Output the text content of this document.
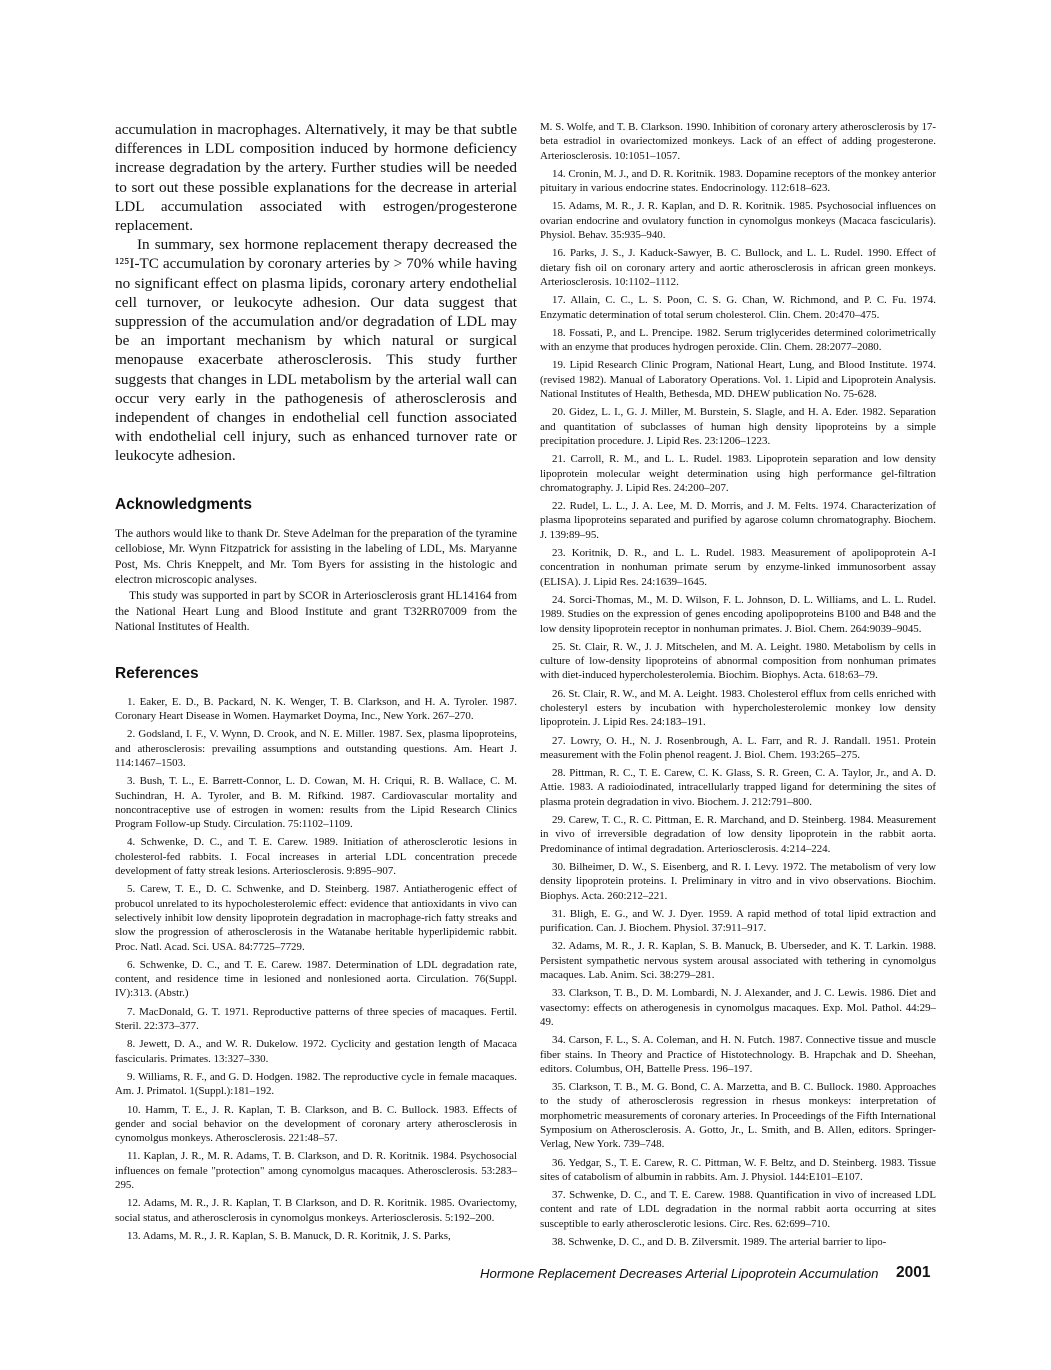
accumulation in macrophages. Alternatively, it may be that subtle differences in LDL composition induced by hormone deficiency increase degradation by the artery. Further studies will be needed to sort out these possible explanations for the decrease in arterial LDL accumulation associated with estrogen/progesterone replacement.

In summary, sex hormone replacement therapy decreased the ¹²⁵I-TC accumulation by coronary arteries by > 70% while having no significant effect on plasma lipids, coronary artery endothelial cell turnover, or leukocyte adhesion. Our data suggest that suppression of the accumulation and/or degradation of LDL may be an important mechanism by which natural or surgical menopause exacerbate atherosclerosis. This study further suggests that changes in LDL metabolism by the arterial wall can occur very early in the pathogenesis of atherosclerosis and independent of changes in endothelial cell function associated with endothelial cell injury, such as enhanced turnover rate or leukocyte adhesion.

Acknowledgments

The authors would like to thank Dr. Steve Adelman for the preparation of the tyramine cellobiose, Mr. Wynn Fitzpatrick for assisting in the labeling of LDL, Ms. Maryanne Post, Ms. Chris Kneppelt, and Mr. Tom Byers for assisting in the histologic and electron microscopic analyses.

This study was supported in part by SCOR in Arteriosclerosis grant HL14164 from the National Heart Lung and Blood Institute and grant T32RR07009 from the National Institutes of Health.

References

1. Eaker, E. D., B. Packard, N. K. Wenger, T. B. Clarkson, and H. A. Tyroler. 1987. Coronary Heart Disease in Women. Haymarket Doyma, Inc., New York. 267–270.

2. Godsland, I. F., V. Wynn, D. Crook, and N. E. Miller. 1987. Sex, plasma lipoproteins, and atherosclerosis: prevailing assumptions and outstanding questions. Am. Heart J. 114:1467–1503.

3. Bush, T. L., E. Barrett-Connor, L. D. Cowan, M. H. Criqui, R. B. Wallace, C. M. Suchindran, H. A. Tyroler, and B. M. Rifkind. 1987. Cardiovascular mortality and noncontraceptive use of estrogen in women: results from the Lipid Research Clinics Program Follow-up Study. Circulation. 75:1102–1109.

4. Schwenke, D. C., and T. E. Carew. 1989. Initiation of atherosclerotic lesions in cholesterol-fed rabbits. I. Focal increases in arterial LDL concentration precede development of fatty streak lesions. Arteriosclerosis. 9:895–907.

5. Carew, T. E., D. C. Schwenke, and D. Steinberg. 1987. Antiatherogenic effect of probucol unrelated to its hypocholesterolemic effect: evidence that antioxidants in vivo can selectively inhibit low density lipoprotein degradation in macrophage-rich fatty streaks and slow the progression of atherosclerosis in the Watanabe heritable hyperlipidemic rabbit. Proc. Natl. Acad. Sci. USA. 84:7725–7729.

6. Schwenke, D. C., and T. E. Carew. 1987. Determination of LDL degradation rate, content, and residence time in lesioned and nonlesioned aorta. Circulation. 76(Suppl. IV):313. (Abstr.)

7. MacDonald, G. T. 1971. Reproductive patterns of three species of macaques. Fertil. Steril. 22:373–377.

8. Jewett, D. A., and W. R. Dukelow. 1972. Cyclicity and gestation length of Macaca fascicularis. Primates. 13:327–330.

9. Williams, R. F., and G. D. Hodgen. 1982. The reproductive cycle in female macaques. Am. J. Primatol. 1(Suppl.):181–192.

10. Hamm, T. E., J. R. Kaplan, T. B. Clarkson, and B. C. Bullock. 1983. Effects of gender and social behavior on the development of coronary artery atherosclerosis in cynomolgus monkeys. Atherosclerosis. 221:48–57.

11. Kaplan, J. R., M. R. Adams, T. B. Clarkson, and D. R. Koritnik. 1984. Psychosocial influences on female "protection" among cynomolgus macaques. Atherosclerosis. 53:283–295.

12. Adams, M. R., J. R. Kaplan, T. B Clarkson, and D. R. Koritnik. 1985. Ovariectomy, social status, and atherosclerosis in cynomolgus monkeys. Arteriosclerosis. 5:192–200.

13. Adams, M. R., J. R. Kaplan, S. B. Manuck, D. R. Koritnik, J. S. Parks,

M. S. Wolfe, and T. B. Clarkson. 1990. Inhibition of coronary artery atherosclerosis by 17-beta estradiol in ovariectomized monkeys. Lack of an effect of adding progesterone. Arteriosclerosis. 10:1051–1057.

14. Cronin, M. J., and D. R. Koritnik. 1983. Dopamine receptors of the monkey anterior pituitary in various endocrine states. Endocrinology. 112:618–623.

15. Adams, M. R., J. R. Kaplan, and D. R. Koritnik. 1985. Psychosocial influences on ovarian endocrine and ovulatory function in cynomolgus monkeys (Macaca fascicularis). Physiol. Behav. 35:935–940.

16. Parks, J. S., J. Kaduck-Sawyer, B. C. Bullock, and L. L. Rudel. 1990. Effect of dietary fish oil on coronary artery and aortic atherosclerosis in african green monkeys. Arteriosclerosis. 10:1102–1112.

17. Allain, C. C., L. S. Poon, C. S. G. Chan, W. Richmond, and P. C. Fu. 1974. Enzymatic determination of total serum cholesterol. Clin. Chem. 20:470–475.

18. Fossati, P., and L. Prencipe. 1982. Serum triglycerides determined colorimetrically with an enzyme that produces hydrogen peroxide. Clin. Chem. 28:2077–2080.

19. Lipid Research Clinic Program, National Heart, Lung, and Blood Institute. 1974. (revised 1982). Manual of Laboratory Operations. Vol. 1. Lipid and Lipoprotein Analysis. National Institutes of Health, Bethesda, MD. DHEW publication No. 75-628.

20. Gidez, L. I., G. J. Miller, M. Burstein, S. Slagle, and H. A. Eder. 1982. Separation and quantitation of subclasses of human high density lipoproteins by a simple precipitation procedure. J. Lipid Res. 23:1206–1223.

21. Carroll, R. M., and L. L. Rudel. 1983. Lipoprotein separation and low density lipoprotein molecular weight determination using high performance gel-filtration chromatography. J. Lipid Res. 24:200–207.

22. Rudel, L. L., J. A. Lee, M. D. Morris, and J. M. Felts. 1974. Characterization of plasma lipoproteins separated and purified by agarose column chromatography. Biochem. J. 139:89–95.

23. Koritnik, D. R., and L. L. Rudel. 1983. Measurement of apolipoprotein A-I concentration in nonhuman primate serum by enzyme-linked immunosorbent assay (ELISA). J. Lipid Res. 24:1639–1645.

24. Sorci-Thomas, M., M. D. Wilson, F. L. Johnson, D. L. Williams, and L. L. Rudel. 1989. Studies on the expression of genes encoding apolipoproteins B100 and B48 and the low density lipoprotein receptor in nonhuman primates. J. Biol. Chem. 264:9039–9045.

25. St. Clair, R. W., J. J. Mitschelen, and M. A. Leight. 1980. Metabolism by cells in culture of low-density lipoproteins of abnormal composition from nonhuman primates with diet-induced hypercholesterolemia. Biochim. Biophys. Acta. 618:63–79.

26. St. Clair, R. W., and M. A. Leight. 1983. Cholesterol efflux from cells enriched with cholesteryl esters by incubation with hypercholesterolemic monkey low density lipoprotein. J. Lipid Res. 24:183–191.

27. Lowry, O. H., N. J. Rosenbrough, A. L. Farr, and R. J. Randall. 1951. Protein measurement with the Folin phenol reagent. J. Biol. Chem. 193:265–275.

28. Pittman, R. C., T. E. Carew, C. K. Glass, S. R. Green, C. A. Taylor, Jr., and A. D. Attie. 1983. A radioiodinated, intracellularly trapped ligand for determining the sites of plasma protein degradation in vivo. Biochem. J. 212:791–800.

29. Carew, T. C., R. C. Pittman, E. R. Marchand, and D. Steinberg. 1984. Measurement in vivo of irreversible degradation of low density lipoprotein in the rabbit aorta. Predominance of intimal degradation. Arteriosclerosis. 4:214–224.

30. Bilheimer, D. W., S. Eisenberg, and R. I. Levy. 1972. The metabolism of very low density lipoprotein proteins. I. Preliminary in vitro and in vivo observations. Biochim. Biophys. Acta. 260:212–221.

31. Bligh, E. G., and W. J. Dyer. 1959. A rapid method of total lipid extraction and purification. Can. J. Biochem. Physiol. 37:911–917.

32. Adams, M. R., J. R. Kaplan, S. B. Manuck, B. Uberseder, and K. T. Larkin. 1988. Persistent sympathetic nervous system arousal associated with tethering in cynomolgus macaques. Lab. Anim. Sci. 38:279–281.

33. Clarkson, T. B., D. M. Lombardi, N. J. Alexander, and J. C. Lewis. 1986. Diet and vasectomy: effects on atherogenesis in cynomolgus macaques. Exp. Mol. Pathol. 44:29–49.

34. Carson, F. L., S. A. Coleman, and H. N. Futch. 1987. Connective tissue and muscle fiber stains. In Theory and Practice of Histotechnology. B. Hrapchak and D. Sheehan, editors. Columbus, OH, Battelle Press. 196–197.

35. Clarkson, T. B., M. G. Bond, C. A. Marzetta, and B. C. Bullock. 1980. Approaches to the study of atherosclerosis regression in rhesus monkeys: interpretation of morphometric measurements of coronary arteries. In Proceedings of the Fifth International Symposium on Atherosclerosis. A. Gotto, Jr., L. Smith, and B. Allen, editors. Springer-Verlag, New York. 739–748.

36. Yedgar, S., T. E. Carew, R. C. Pittman, W. F. Beltz, and D. Steinberg. 1983. Tissue sites of catabolism of albumin in rabbits. Am. J. Physiol. 144:E101–E107.

37. Schwenke, D. C., and T. E. Carew. 1988. Quantification in vivo of increased LDL content and rate of LDL degradation in the normal rabbit aorta occurring at sites susceptible to early atherosclerotic lesions. Circ. Res. 62:699–710.

38. Schwenke, D. C., and D. B. Zilversmit. 1989. The arterial barrier to lipo-

Hormone Replacement Decreases Arterial Lipoprotein Accumulation 2001
